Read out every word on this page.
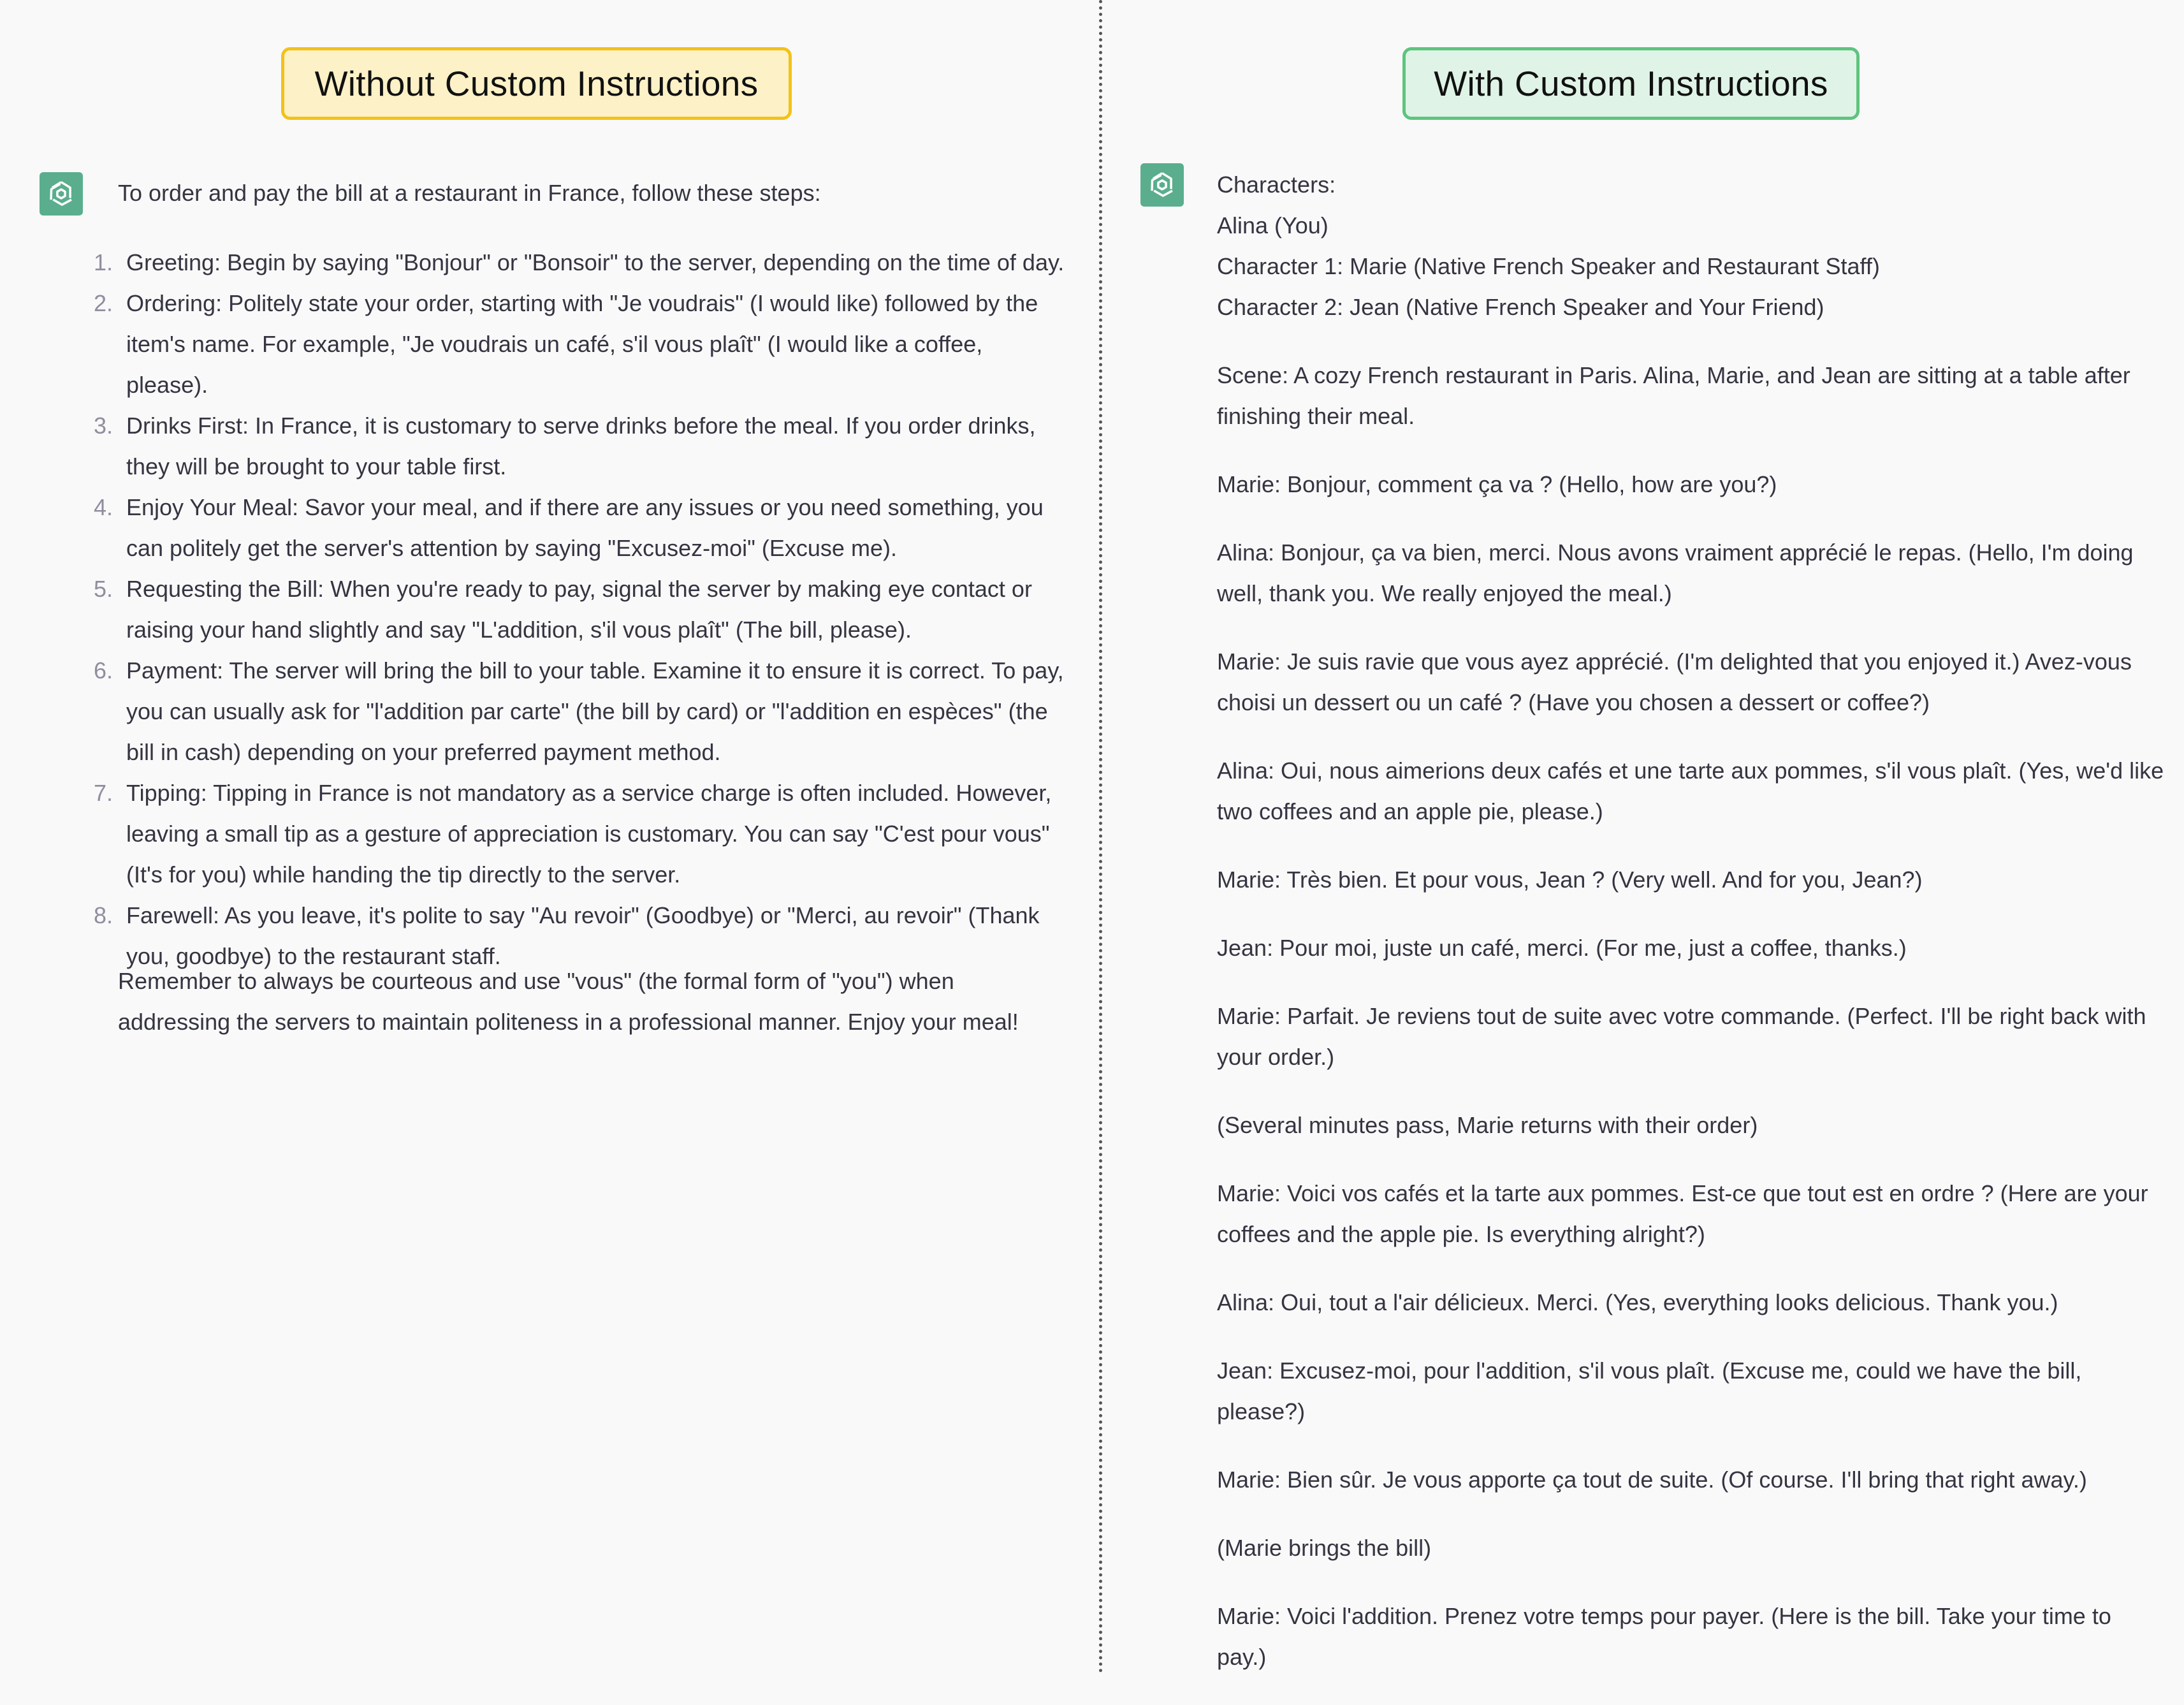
Without Custom Instructions
To order and pay the bill at a restaurant in France, follow these steps:
1. Greeting: Begin by saying "Bonjour" or "Bonsoir" to the server, depending on the time of day.
2. Ordering: Politely state your order, starting with "Je voudrais" (I would like) followed by the item's name. For example, "Je voudrais un café, s'il vous plaît" (I would like a coffee, please).
3. Drinks First: In France, it is customary to serve drinks before the meal. If you order drinks, they will be brought to your table first.
4. Enjoy Your Meal: Savor your meal, and if there are any issues or you need something, you can politely get the server's attention by saying "Excusez-moi" (Excuse me).
5. Requesting the Bill: When you're ready to pay, signal the server by making eye contact or raising your hand slightly and say "L'addition, s'il vous plaît" (The bill, please).
6. Payment: The server will bring the bill to your table. Examine it to ensure it is correct. To pay, you can usually ask for "l'addition par carte" (the bill by card) or "l'addition en espèces" (the bill in cash) depending on your preferred payment method.
7. Tipping: Tipping in France is not mandatory as a service charge is often included. However, leaving a small tip as a gesture of appreciation is customary. You can say "C'est pour vous" (It's for you) while handing the tip directly to the server.
8. Farewell: As you leave, it's polite to say "Au revoir" (Goodbye) or "Merci, au revoir" (Thank you, goodbye) to the restaurant staff.
Remember to always be courteous and use "vous" (the formal form of "you") when addressing the servers to maintain politeness in a professional manner. Enjoy your meal!
With Custom Instructions

Characters:

Alina (You)

Character 1: Marie (Native French Speaker and Restaurant Staff)

Character 2: Jean (Native French Speaker and Your Friend)

Scene: A cozy French restaurant in Paris. Alina, Marie, and Jean are sitting at a table after finishing their meal.

Marie: Bonjour, comment ça va ? (Hello, how are you?)

Alina: Bonjour, ça va bien, merci. Nous avons vraiment apprécié le repas. (Hello, I'm doing well, thank you. We really enjoyed the meal.)

Marie: Je suis ravie que vous ayez apprécié. (I'm delighted that you enjoyed it.) Avez-vous choisi un dessert ou un café ? (Have you chosen a dessert or coffee?)

Alina: Oui, nous aimerions deux cafés et une tarte aux pommes, s'il vous plaît. (Yes, we'd like two coffees and an apple pie, please.)

Marie: Très bien. Et pour vous, Jean ? (Very well. And for you, Jean?)

Jean: Pour moi, juste un café, merci. (For me, just a coffee, thanks.)

Marie: Parfait. Je reviens tout de suite avec votre commande. (Perfect. I'll be right back with your order.)

(Several minutes pass, Marie returns with their order)

Marie: Voici vos cafés et la tarte aux pommes. Est-ce que tout est en ordre ? (Here are your coffees and the apple pie. Is everything alright?)

Alina: Oui, tout a l'air délicieux. Merci. (Yes, everything looks delicious. Thank you.)

Jean: Excusez-moi, pour l'addition, s'il vous plaît. (Excuse me, could we have the bill, please?)

Marie: Bien sûr. Je vous apporte ça tout de suite. (Of course. I'll bring that right away.)

(Marie brings the bill)

Marie: Voici l'addition. Prenez votre temps pour payer. (Here is the bill. Take your time to pay.)
